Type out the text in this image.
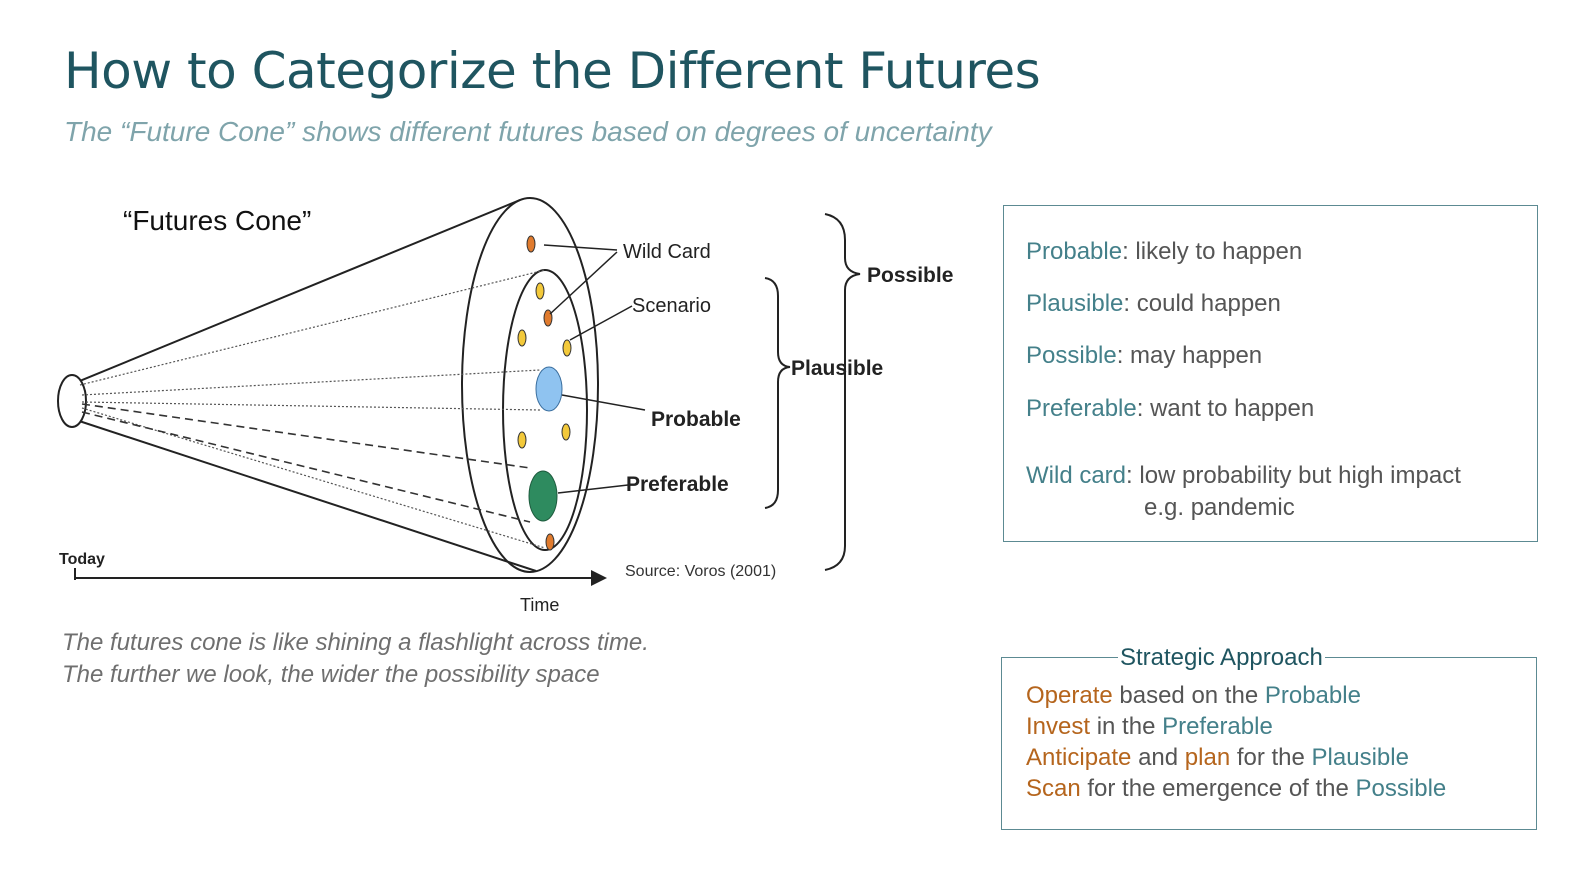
How to Categorize the Different Futures
The “Future Cone” shows different futures based on degrees of uncertainty
“Futures Cone”
Wild Card
Scenario
Probable
Preferable
Plausible
Possible
Today
Time
Source: Voros (2001)
The futures cone is like shining a flashlight across time.
The further we look, the wider the possibility space
Probable: likely to happen
Plausible: could happen
Possible: may happen
Preferable: want to happen
Wild card: low probability but high impact
e.g. pandemic
Strategic Approach
Operate based on the Probable
Invest in the Preferable
Anticipate and plan for the Plausible
Scan for the emergence of the Possible
